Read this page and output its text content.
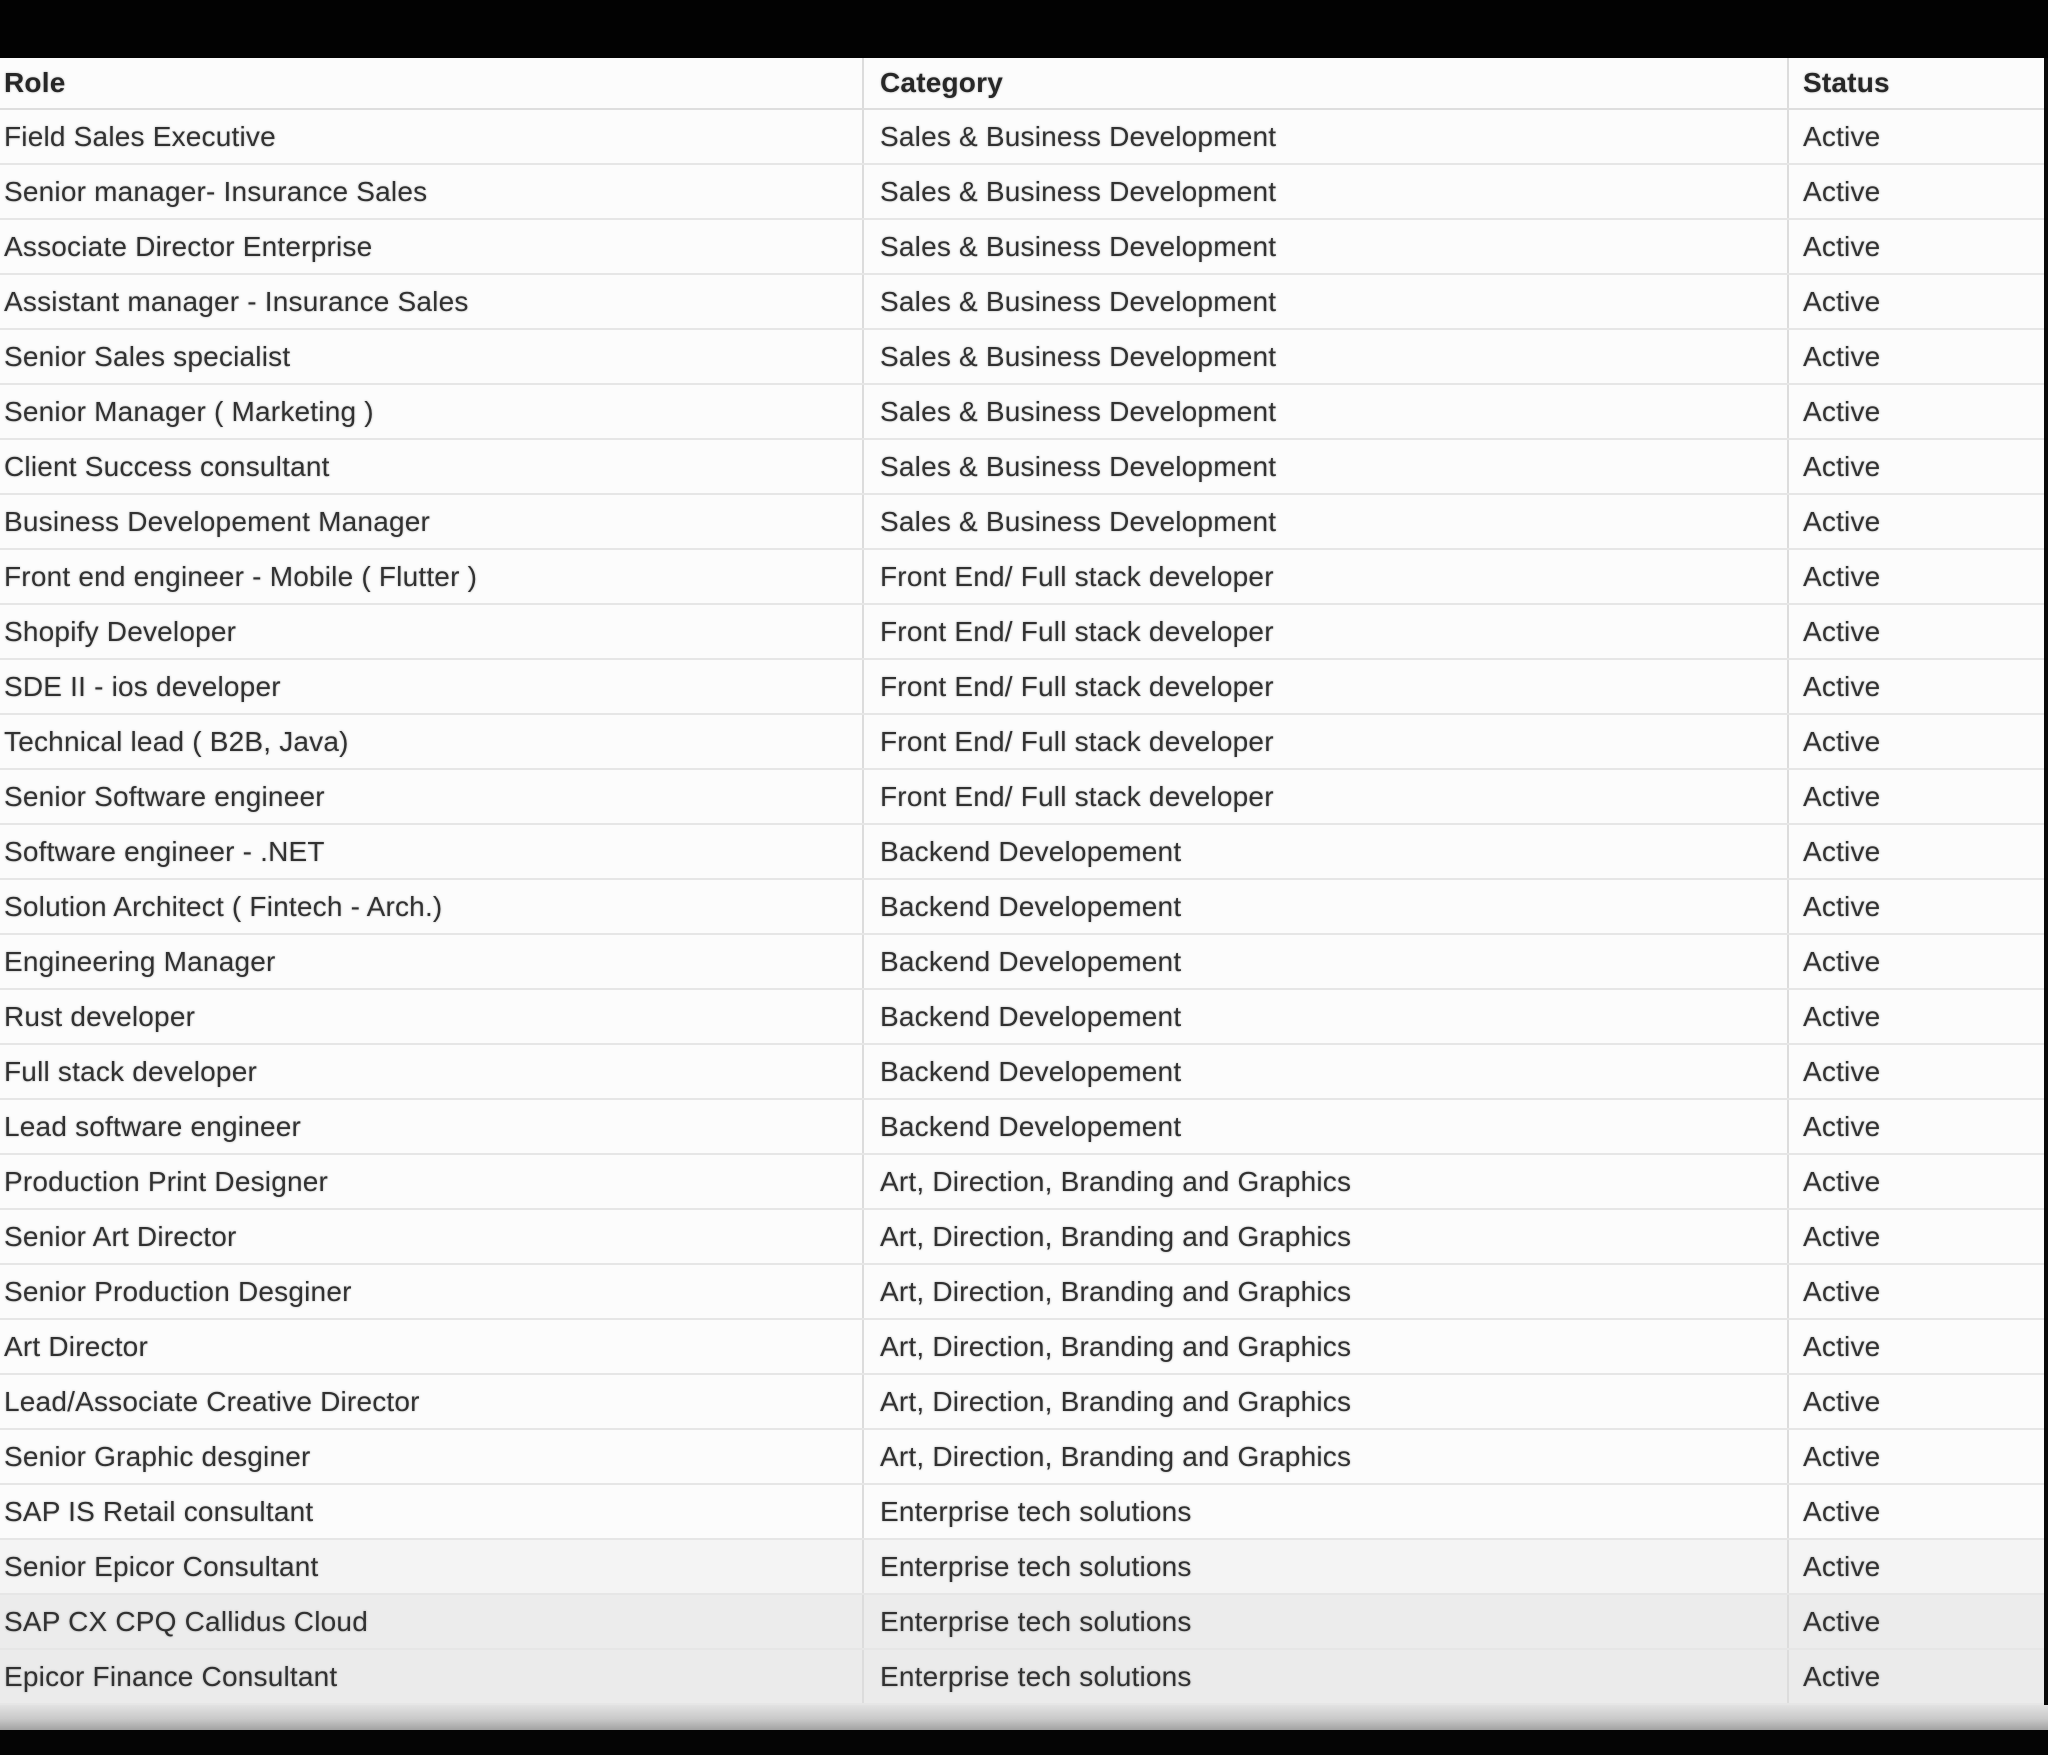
Role	Category	Status
Field Sales Executive	Sales & Business Development	Active
Senior manager- Insurance Sales	Sales & Business Development	Active
Associate Director Enterprise	Sales & Business Development	Active
Assistant manager - Insurance Sales	Sales & Business Development	Active
Senior Sales specialist	Sales & Business Development	Active
Senior Manager ( Marketing )	Sales & Business Development	Active
Client Success consultant	Sales & Business Development	Active
Business Developement Manager	Sales & Business Development	Active
Front end engineer - Mobile ( Flutter )	Front End/ Full stack developer	Active
Shopify Developer	Front End/ Full stack developer	Active
SDE II - ios developer	Front End/ Full stack developer	Active
Technical lead ( B2B, Java)	Front End/ Full stack developer	Active
Senior Software engineer	Front End/ Full stack developer	Active
Software engineer - .NET	Backend Developement	Active
Solution Architect ( Fintech - Arch.)	Backend Developement	Active
Engineering Manager	Backend Developement	Active
Rust developer	Backend Developement	Active
Full stack developer	Backend Developement	Active
Lead software engineer	Backend Developement	Active
Production Print Designer	Art, Direction, Branding and Graphics	Active
Senior Art Director	Art, Direction, Branding and Graphics	Active
Senior Production Desginer	Art, Direction, Branding and Graphics	Active
Art Director	Art, Direction, Branding and Graphics	Active
Lead/Associate Creative Director	Art, Direction, Branding and Graphics	Active
Senior Graphic desginer	Art, Direction, Branding and Graphics	Active
SAP IS Retail consultant	Enterprise tech solutions	Active
Senior Epicor Consultant	Enterprise tech solutions	Active
SAP CX CPQ Callidus Cloud	Enterprise tech solutions	Active
Epicor Finance Consultant	Enterprise tech solutions	Active
